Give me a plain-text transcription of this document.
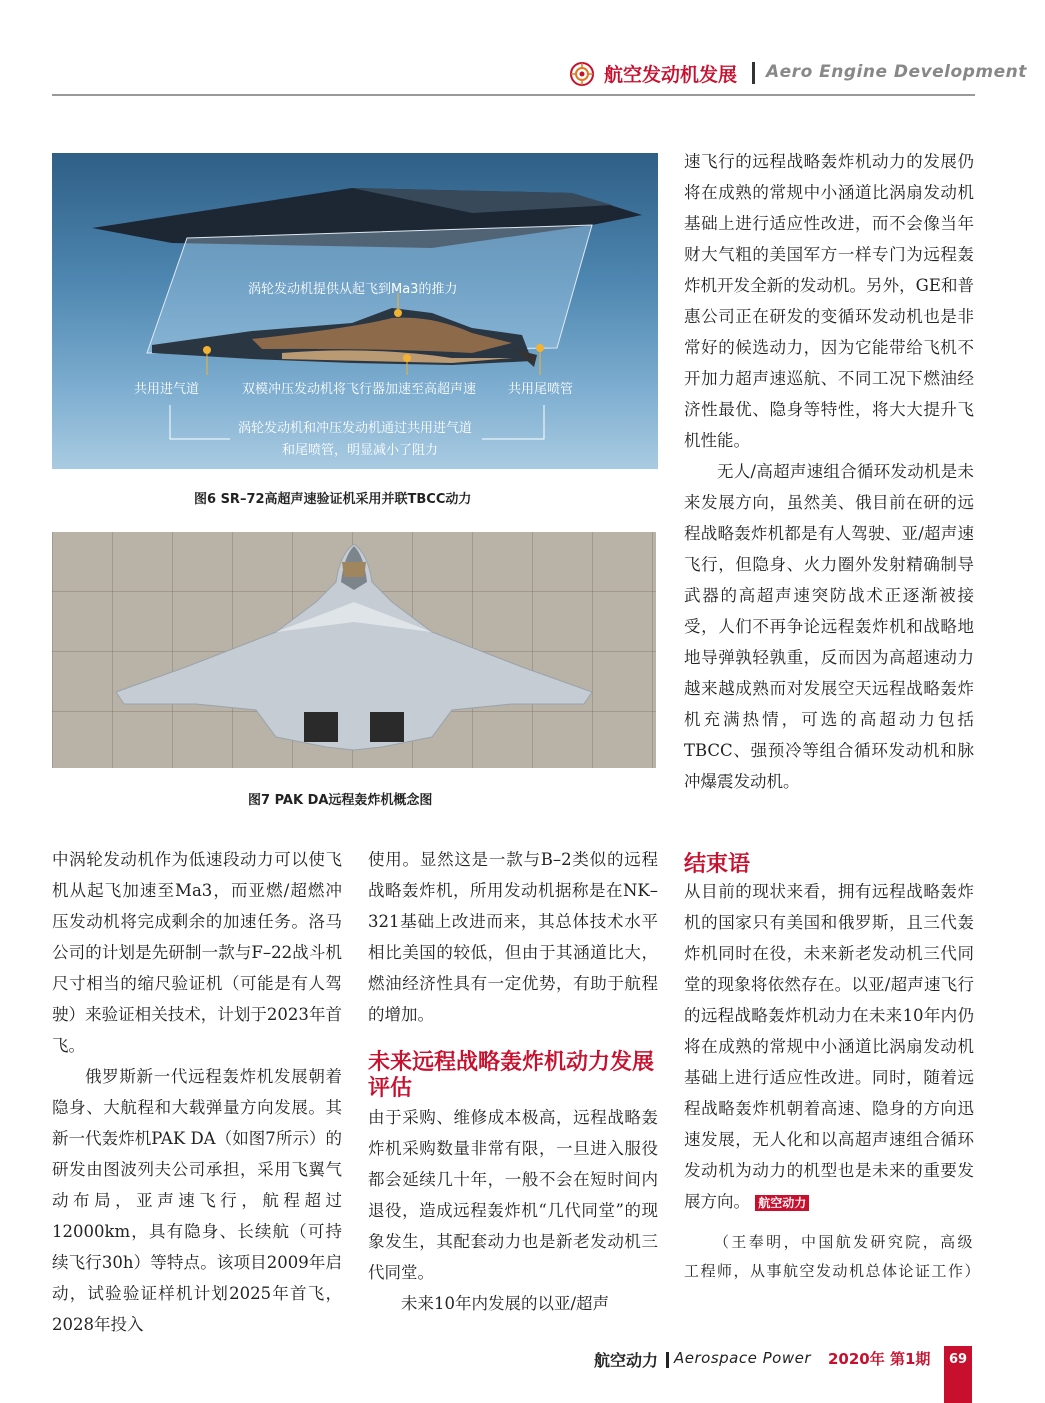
航空发动机发展 Aero Engine Development
涡轮发动机提供从起飞到Ma3的推力
共用进气道	双模冲压发动机将飞行器加速至高超声速 共用尾喷管
涡轮发动机和冲压发动机通过共用进气道
和尾喷管，明显减小了阻力
图6 SR–72高超声速验证机采用并联TBCC动力
图7 PAK DA远程轰炸机概念图

中涡轮发动机作为低速段动力可以使飞机从起飞加速至Ma3，而亚燃/超燃冲压发动机将完成剩余的加速任务。洛马公司的计划是先研制一款与F–22战斗机尺寸相当的缩尺验证机（可能是有人驾驶）来验证相关技术，计划于2023年首飞。

俄罗斯新一代远程轰炸机发展朝着隐身、大航程和大载弹量方向发展。其新一代轰炸机PAK DA（如图7所示）的研发由图波列夫公司承担，采用飞翼气动布局，亚声速飞行，航程超过12000km，具有隐身、长续航（可持续飞行30h）等特点。该项目2009年启动，试验验证样机计划2025年首飞，2028年投入

使用。显然这是一款与B–2类似的远程战略轰炸机，所用发动机据称是在NK–321基础上改进而来，其总体技术水平相比美国的较低，但由于其涵道比大，燃油经济性具有一定优势，有助于航程的增加。

未来远程战略轰炸机动力发展评估

由于采购、维修成本极高，远程战略轰炸机采购数量非常有限，一旦进入服役都会延续几十年，一般不会在短时间内退役，造成远程轰炸机“几代同堂”的现象发生，其配套动力也是新老发动机三代同堂。

未来10年内发展的以亚/超声

速飞行的远程战略轰炸机动力的发展仍将在成熟的常规中小涵道比涡扇发动机基础上进行适应性改进，而不会像当年财大气粗的美国军方一样专门为远程轰炸机开发全新的发动机。另外，GE和普惠公司正在研发的变循环发动机也是非常好的候选动力，因为它能带给飞机不开加力超声速巡航、不同工况下燃油经济性最优、隐身等特性，将大大提升飞机性能。

无人/高超声速组合循环发动机是未来发展方向，虽然美、俄目前在研的远程战略轰炸机都是有人驾驶、亚/超声速飞行，但隐身、火力圈外发射精确制导武器的高超声速突防战术正逐渐被接受，人们不再争论远程轰炸机和战略地地导弹孰轻孰重，反而因为高超速动力越来越成熟而对发展空天远程战略轰炸机充满热情，可选的高超动力包括TBCC、强预冷等组合循环发动机和脉冲爆震发动机。

结束语

从目前的现状来看，拥有远程战略轰炸机的国家只有美国和俄罗斯，且三代轰炸机同时在役，未来新老发动机三代同堂的现象将依然存在。以亚/超声速飞行的远程战略轰炸机动力在未来10年内仍将在成熟的常规中小涵道比涡扇发动机基础上进行适应性改进。同时，随着远程战略轰炸机朝着高速、隐身的方向迅速发展，无人化和以高超声速组合循环发动机为动力的机型也是未来的重要发展方向。 航空动力

（王奉明，中国航发研究院，高级工程师，从事航空发动机总体论证工作）
航空动力 Aerospace Power 2020年 第1期	69
